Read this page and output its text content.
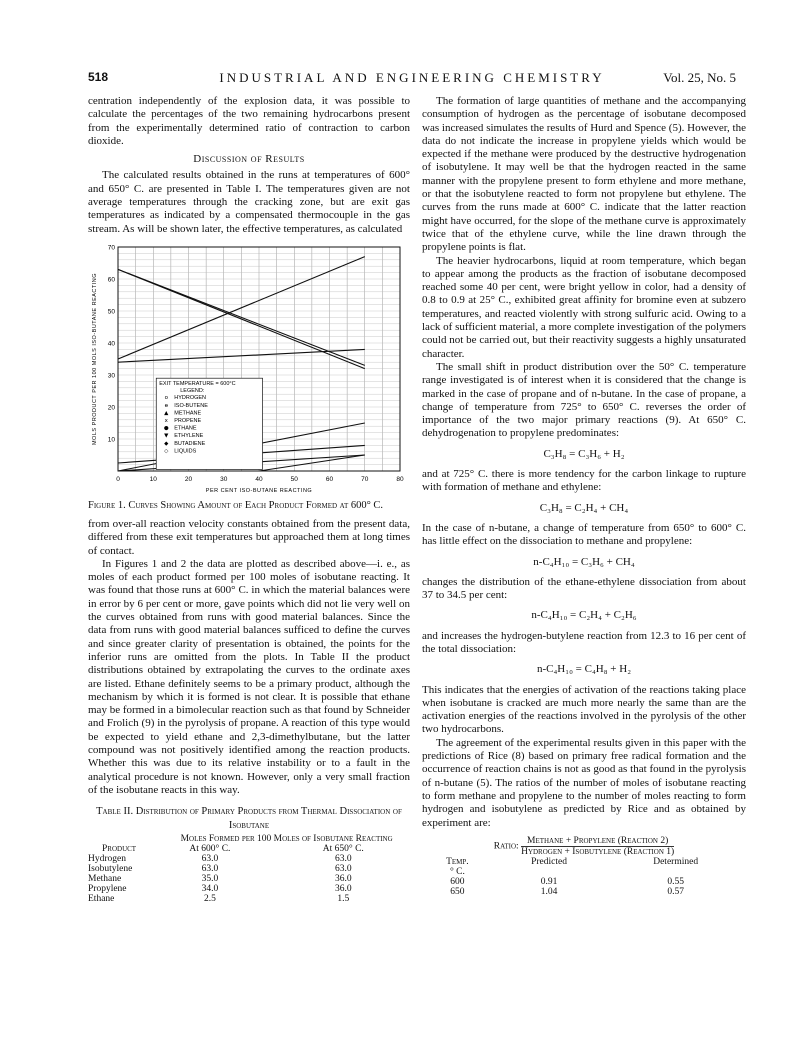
518	INDUSTRIAL AND ENGINEERING CHEMISTRY	Vol. 25, No. 5

centration independently of the explosion data, it was possible to calculate the percentages of the two remaining hydrocarbons present from the experimentally determined ratio of contraction to carbon dioxide.

Discussion of Results

The calculated results obtained in the runs at temperatures of 600° and 650° C. are presented in Table I. The temperatures given are not average temperatures through the cracking zone, but are exit gas temperatures as indicated by a compensated thermocouple in the gas stream. As will be shown later, the effective temperatures, as calculated

0	10	20	30	40	50	60	70	80
10
20
30
40
50
60
70
PER CENT ISO-BUTANE REACTING
MOLS PRODUCT PER 100 MOLS ISO-BUTANE REACTING	EXIT TEMPERATURE = 600°C
LEGEND:
o HYDROGEN
ɵ ISO-BUTENE
▲ METHANE
x PROPENE
● ETHANE
▼ ETHYLENE
◆ BUTADIENE
◇ LIQUIDS

Figure 1. Curves Showing Amount of Each Product Formed at 600° C.

from over-all reaction velocity constants obtained from the present data, differed from these exit temperatures but approached them at long times of contact.

In Figures 1 and 2 the data are plotted as described above—i. e., as moles of each product formed per 100 moles of isobutane reacting. It was found that those runs at 600° C. in which the material balances were in error by 6 per cent or more, gave points which did not lie very well on the curves obtained from runs with good material balances. Since the data from runs with good material balances sufficed to define the curves and since greater clarity of presentation is obtained, the points for the inferior runs are omitted from the plots. In Table II the product distributions obtained by extrapolating the curves to the ordinate axes are listed. Ethane definitely seems to be a primary product, although the mechanism by which it is formed is not clear. It is possible that ethane may be formed in a bimolecular reaction such as that found by Schneider and Frolich (9) in the pyrolysis of propane. A reaction of this type would be expected to yield ethane and 2,3-dimethylbutane, but the latter compound was not positively identified among the reaction products. Whether this was due to its relative instability or to a fault in the analytical procedure is not known. However, only a very small fraction of the isobutane reacts in this way.

Table II. Distribution of Primary Products from Thermal Dissociation of Isobutane

	Moles Formed per 100 Moles of Isobutane Reacting	
Product	At 600° C.	At 650° C.
Hydrogen	63.0	63.0
Isobutylene	63.0	63.0
Methane	35.0	36.0
Propylene	34.0	36.0
Ethane	2.5	1.5

The formation of large quantities of methane and the accompanying consumption of hydrogen as the percentage of isobutane decomposed was increased simulates the results of Hurd and Spence (5). However, the data do not indicate the increase in propylene yields which would be expected if the methane were produced by the destructive hydrogenation of isobutylene. It may well be that the hydrogen reacted in the same manner with the propylene present to form ethylene and more methane, or that the isobutylene reacted to form not propylene but ethylene. The curves from the runs made at 600° C. indicate that the latter reaction might have occurred, for the slope of the methane curve is approximately twice that of the ethylene curve, while the line drawn through the propylene points is flat.

The heavier hydrocarbons, liquid at room temperature, which began to appear among the products as the fraction of isobutane decomposed reached some 40 per cent, were bright yellow in color, had a density of 0.8 to 0.9 at 25° C., exhibited great affinity for bromine even at subzero temperatures, and reacted violently with strong sulfuric acid. Owing to a lack of sufficient material, a more complete investigation of the polymers could not be carried out, but their reactivity suggests a highly unsaturated character.

The small shift in product distribution over the 50° C. temperature range investigated is of interest when it is considered that the change is marked in the case of propane and of n-butane. In the case of propane, a change of temperature from 725° to 650° C. reverses the order of importance of the two major primary reactions (9). At 650° C. dehydrogenation to propylene predominates:

C₃H₈ = C₃H₆ + H₂

and at 725° C. there is more tendency for the carbon linkage to rupture with formation of methane and ethylene:

C₃H₈ = C₂H₄ + CH₄

In the case of n-butane, a change of temperature from 650° to 600° C. has little effect on the dissociation to methane and propylene:

n-C₄H₁₀ = C₃H₆ + CH₄

changes the distribution of the ethane-ethylene dissociation from about 37 to 34.5 per cent:

n-C₄H₁₀ = C₂H₄ + C₂H₆

and increases the hydrogen-butylene reaction from 12.3 to 16 per cent of the total dissociation:

n-C₄H₁₀ = C₄H₈ + H₂

This indicates that the energies of activation of the reactions taking place when isobutane is cracked are much more nearly the same than are the activation energies of the reactions involved in the pyrolysis of the other two hydrocarbons.

The agreement of the experimental results given in this paper with the predictions of Rice (8) based on primary free radical formation and the occurrence of reaction chains is not as good as that found in the pyrolysis of n-butane (5). The ratios of the number of moles of isobutane reacting to form methane and propylene to the number of moles reacting to form hydrogen and isobutylene as predicted by Rice and as obtained by experiment are:

Ratio:
Methane + Propylene (Reaction 2)
Hydrogen + Isobutylene (Reaction 1)		

Temp.	Predicted	Determined
° C.		
600	0.91	0.55
650	1.04	0.57
